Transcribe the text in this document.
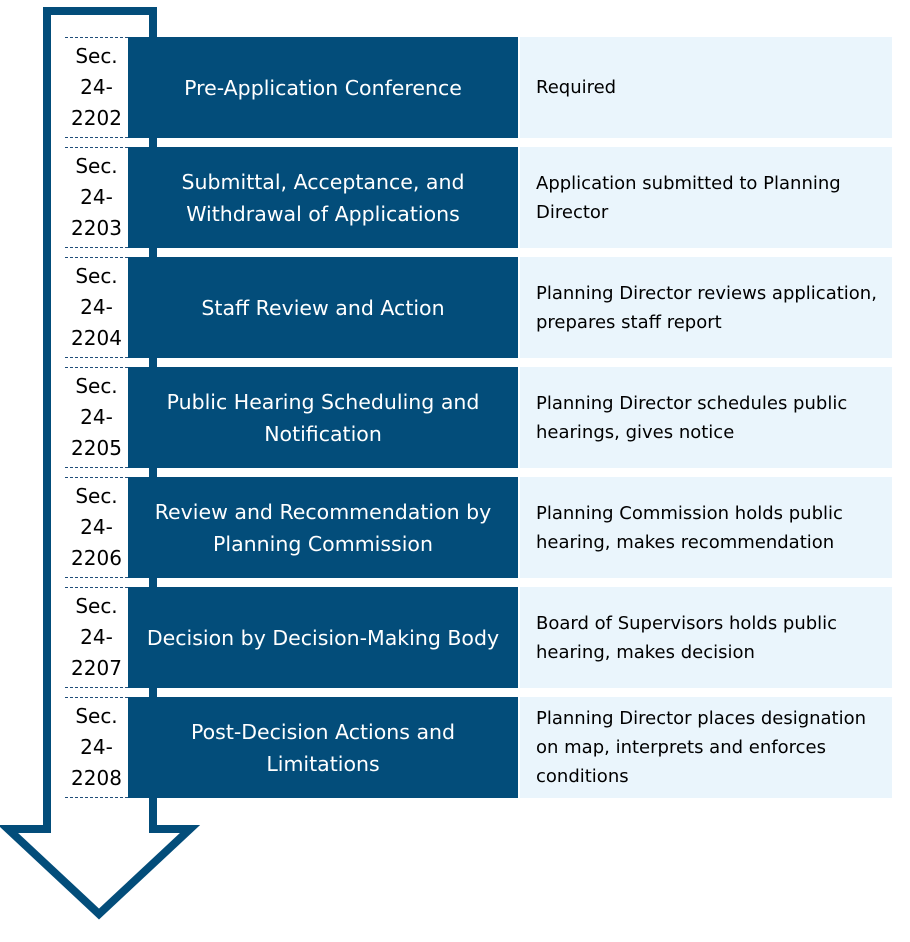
Sec.
24-
2202
Pre-Application Conference	Required
Sec.
24-
2203
Submittal, Acceptance, and Withdrawal of Applications
Application submitted to Planning Director
Sec.
24-
2204
Staff Review and Action
Planning Director reviews application, prepares staff report
Sec.
24-
2205
Public Hearing Scheduling and Notification
Planning Director schedules public hearings, gives notice
Sec.
24-
2206
Review and Recommendation by Planning Commission
Planning Commission holds public hearing, makes recommendation
Sec.
24-
2207
Decision by Decision-Making Body
Board of Supervisors holds public hearing, makes decision
Sec.
24-
2208
Post-Decision Actions and Limitations
Planning Director places designation on map, interprets and enforces conditions
